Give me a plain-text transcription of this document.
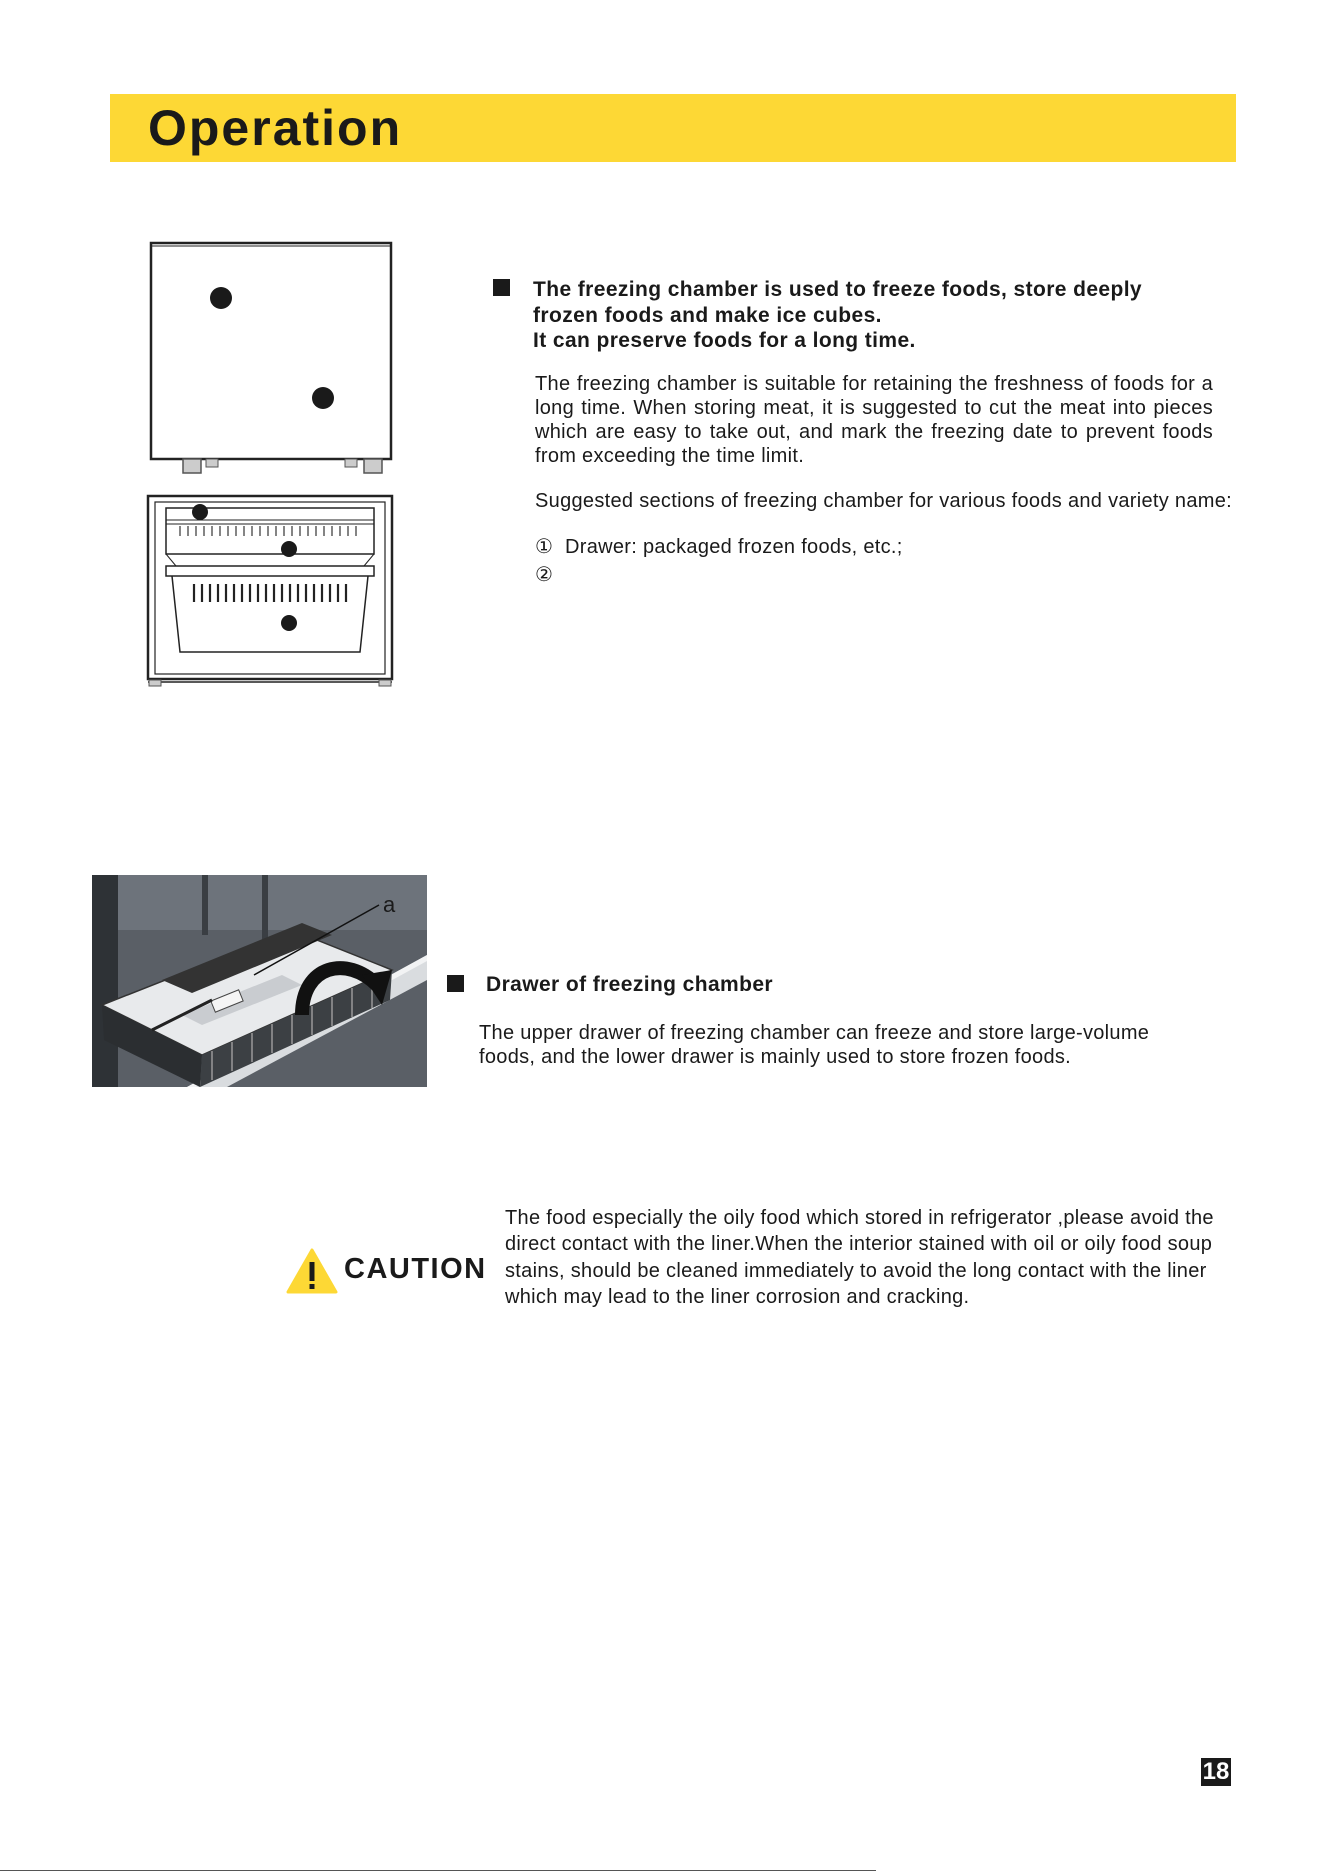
Operation
The freezing chamber is used to freeze foods, store deeply
frozen foods and make ice cubes.
It can preserve foods for a long time.
The freezing chamber is suitable for retaining the freshness of foods for a long time. When storing meat, it is suggested to cut the meat into pieces which are easy to take out, and mark the freezing date to prevent foods from exceeding the time limit.
Suggested sections of freezing chamber for various foods and variety name:
① Drawer: packaged frozen foods, etc.;
②
a
Drawer of freezing chamber
The upper drawer of freezing chamber can freeze and store large-volume foods, and the lower drawer is mainly used to store frozen foods.
CAUTION
The food especially the oily food which stored in refrigerator ,please avoid the direct contact with the liner.When the interior stained with oil or oily food soup stains, should be cleaned immediately to avoid the long contact with the liner which may lead to the liner corrosion and cracking.
18
